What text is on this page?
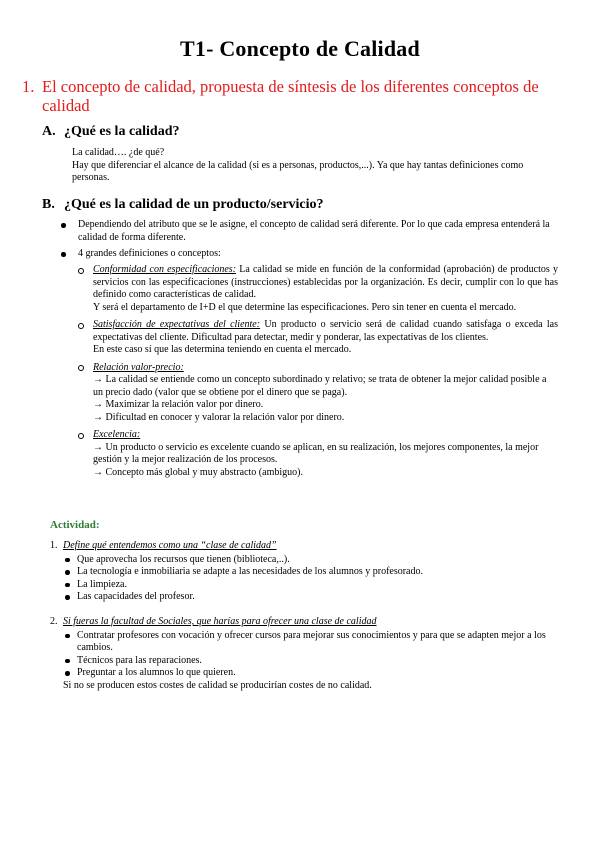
T1- Concepto de Calidad
1. El concepto de calidad, propuesta de síntesis de los diferentes conceptos de calidad
A. ¿Qué es la calidad?

La calidad…. ¿de qué?

Hay que diferenciar el alcance de la calidad (si es a personas, productos,...). Ya que hay tantas definiciones como personas.

B. ¿Qué es la calidad de un producto/servicio?

Dependiendo del atributo que se le asigne, el concepto de calidad será diferente. Por lo que cada empresa entenderá la calidad de forma diferente.

4 grandes definiciones o conceptos:

Conformidad con especificaciones: La calidad se mide en función de la conformidad (aprobación) de productos y servicios con las especificaciones (instrucciones) establecidas por la organización. Es decir, cumplir con lo que has definido como características de calidad.

Y será el departamento de I+D el que determine las especificaciones. Pero sin tener en cuenta el mercado.

Satisfacción de expectativas del cliente: Un producto o servicio será de calidad cuando satisfaga o exceda las expectativas del cliente. Dificultad para detectar, medir y ponderar, las expectativas de los clientes.

En este caso sí que las determina teniendo en cuenta el mercado.

Relación valor-precio:

→ La calidad se entiende como un concepto subordinado y relativo; se trata de obtener la mejor calidad posible a un precio dado (valor que se obtiene por el dinero que se paga).

→ Maximizar la relación valor por dinero.

→ Dificultad en conocer y valorar la relación valor por dinero.

Excelencia:

→ Un producto o servicio es excelente cuando se aplican, en su realización, los mejores componentes, la mejor gestión y la mejor realización de los procesos.

→ Concepto más global y muy abstracto (ambiguo).

Actividad:

1. Define qué entendemos como una “clase de calidad”

Que aprovecha los recursos que tienen (biblioteca,..).

La tecnología e inmobiliaria se adapte a las necesidades de los alumnos y profesorado.

La limpieza.

Las capacidades del profesor.

2. Si fueras la facultad de Sociales, que harías para ofrecer una clase de calidad

Contratar profesores con vocación y ofrecer cursos para mejorar sus conocimientos y para que se adapten mejor a los cambios.

Técnicos para las reparaciones.

Preguntar a los alumnos lo que quieren.

Si no se producen estos costes de calidad se producirían costes de no calidad.
